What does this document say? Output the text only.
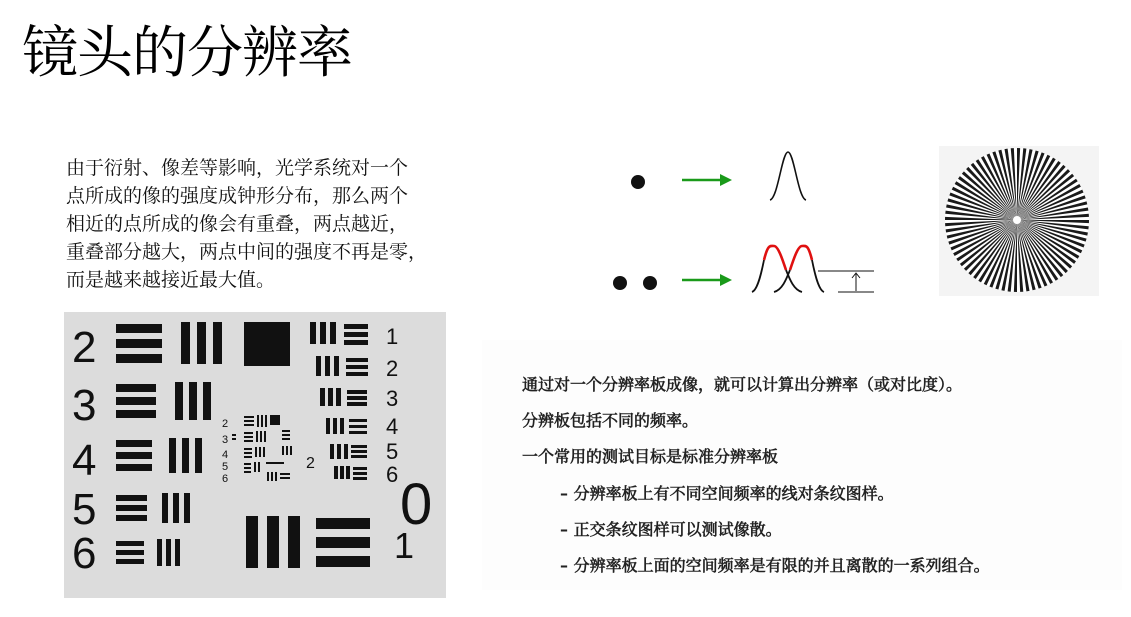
镜头的分辨率

由于衍射、像差等影响，光学系统对一个
点所成的像的强度成钟形分布，那么两个
相近的点所成的像会有重叠，两点越近，
重叠部分越大，两点中间的强度不再是零，
而是越来越接近最大值。

2
3
4
5
6
1
2
3
4
5
6 0
1
2
3
4
5
6
2
通过对一个分辨率板成像，就可以计算出分辨率（或对比度）。
分辨板包括不同的频率。
一个常用的测试目标是标准分辨率板
– 分辨率板上有不同空间频率的线对条纹图样。
– 正交条纹图样可以测试像散。
– 分辨率板上面的空间频率是有限的并且离散的一系列组合。
